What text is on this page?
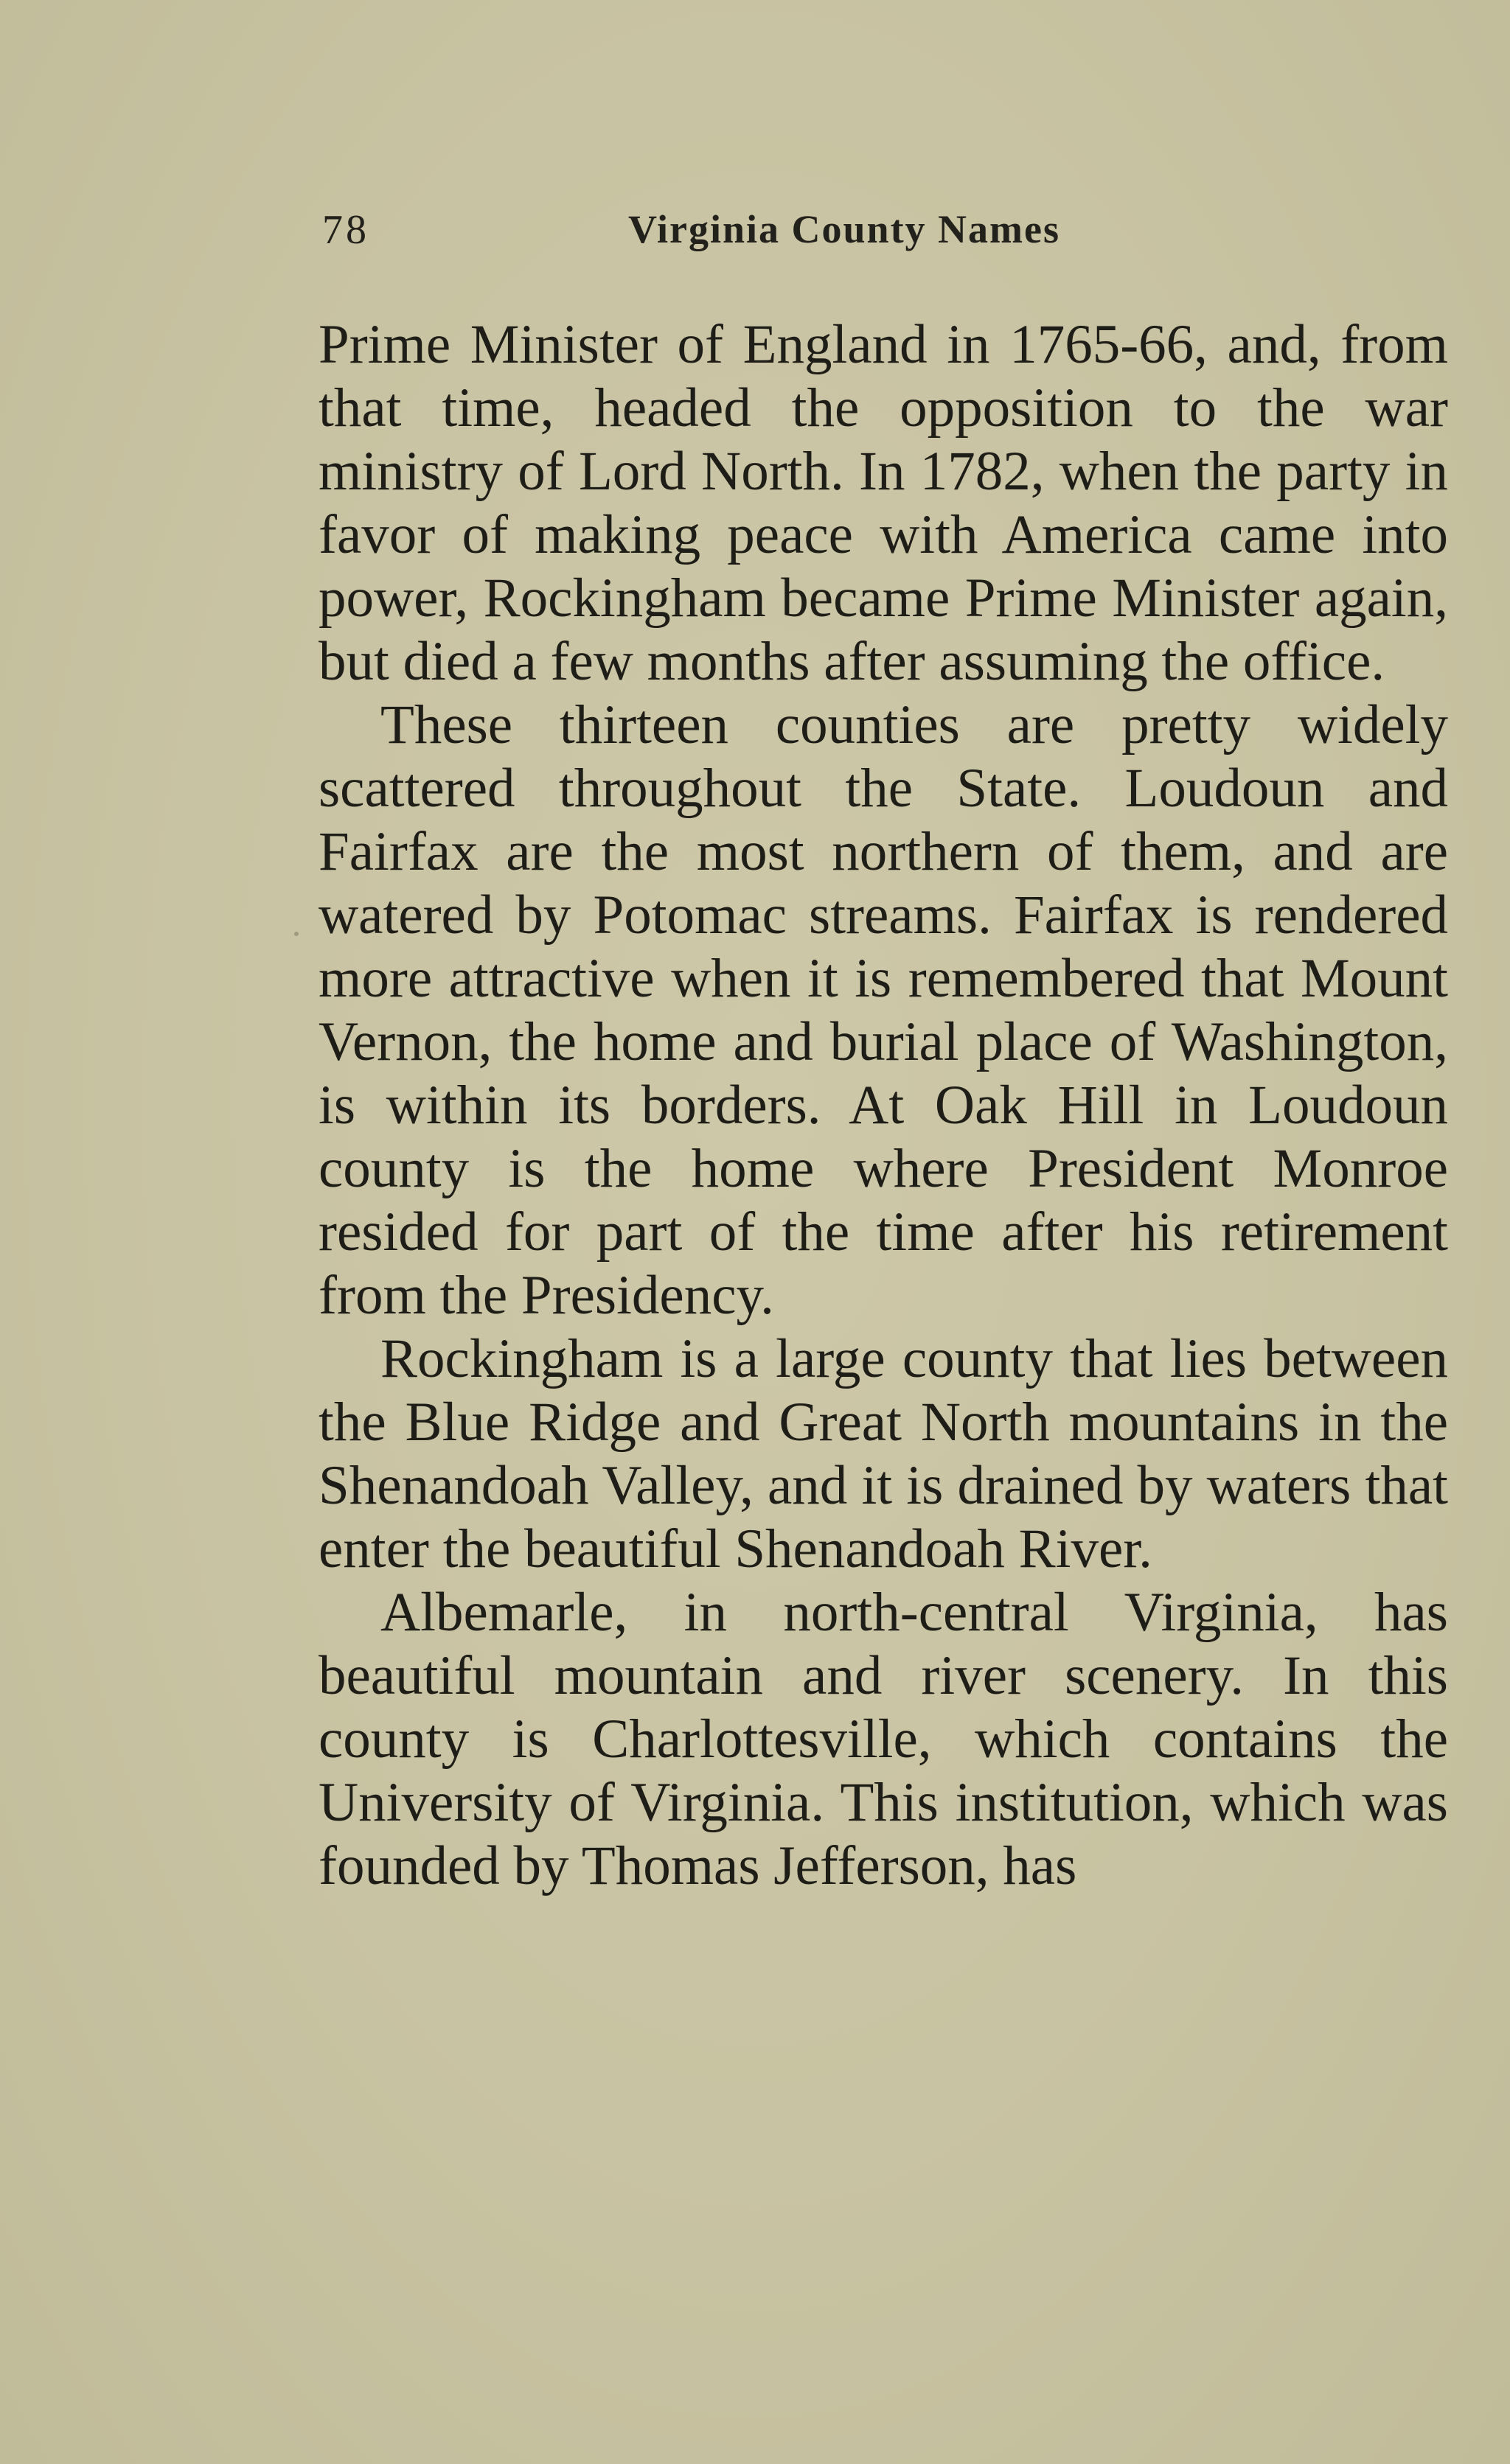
78	Virginia County Names

Prime Minister of England in 1765-66, and, from that time, headed the opposition to the war ministry of Lord North. In 1782, when the party in favor of making peace with America came into power, Rockingham became Prime Minister again, but died a few months after assuming the office.

These thirteen counties are pretty widely scattered throughout the State. Loudoun and Fairfax are the most northern of them, and are watered by Potomac streams. Fairfax is rendered more attractive when it is remembered that Mount Vernon, the home and burial place of Washington, is within its borders. At Oak Hill in Loudoun county is the home where President Monroe resided for part of the time after his retirement from the Presidency.

Rockingham is a large county that lies between the Blue Ridge and Great North mountains in the Shenandoah Valley, and it is drained by waters that enter the beautiful Shenandoah River.

Albemarle, in north-central Virginia, has beautiful mountain and river scenery. In this county is Charlottesville, which contains the University of Virginia. This institution, which was founded by Thomas Jefferson, has
